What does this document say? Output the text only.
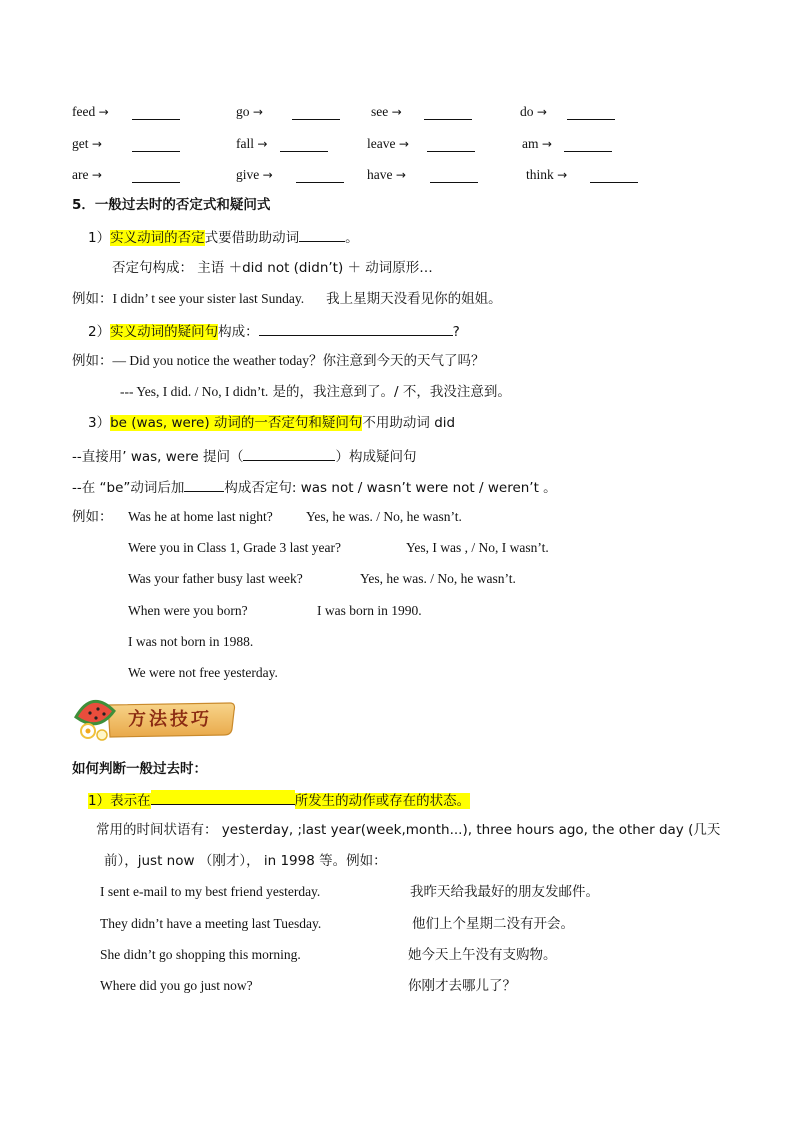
feed →	go →	see →	do →
get →	fall →	leave →	am →
are →	give →	have →	think →
5．一般过去时的否定式和疑问式
1）实义动词的否定式要借助助动词	。
否定句构成： 主语 ＋did not (didn’t) ＋ 动词原形…
例如：I didn’ t see your sister last Sunday. 我上星期天没看见你的姐姐。
2）实义动词的疑问句构成：	?
例如：— Did you notice the weather today？你注意到今天的天气了吗？
--- Yes, I did. / No, I didn’t. 是的，我注意到了。/ 不，我没注意到。
3）be (was, were) 动词的一否定句和疑问句不用助动词 did
--直接用’ was, were 提问（	）构成疑问句
--在 “be”动词后加	构成否定句: was not / wasn’t were not / weren’t 。
例如： Was he at home last night? Yes, he was. / No, he wasn’t.
Were you in Class 1, Grade 3 last year?	Yes, I was , / No, I wasn’t.
Was your father busy last week?	Yes, he was. / No, he wasn’t.
When were you born?	I was born in 1990.
I was not born in 1988.
We were not free yesterday.
方法技巧
如何判断一般过去时：
1）表示在	所发生的动作或存在的状态。
常用的时间状语有： yesterday, ;last year(week,month...), three hours ago, the other day (几天
前），just now （刚才）， in 1998 等。例如：
I sent e-mail to my best friend yesterday.	我昨天给我最好的朋友发邮件。
They didn’t have a meeting last Tuesday.	他们上个星期二没有开会。
She didn’t go shopping this morning.	她今天上午没有支购物。
Where did you go just now?	你刚才去哪儿了？
